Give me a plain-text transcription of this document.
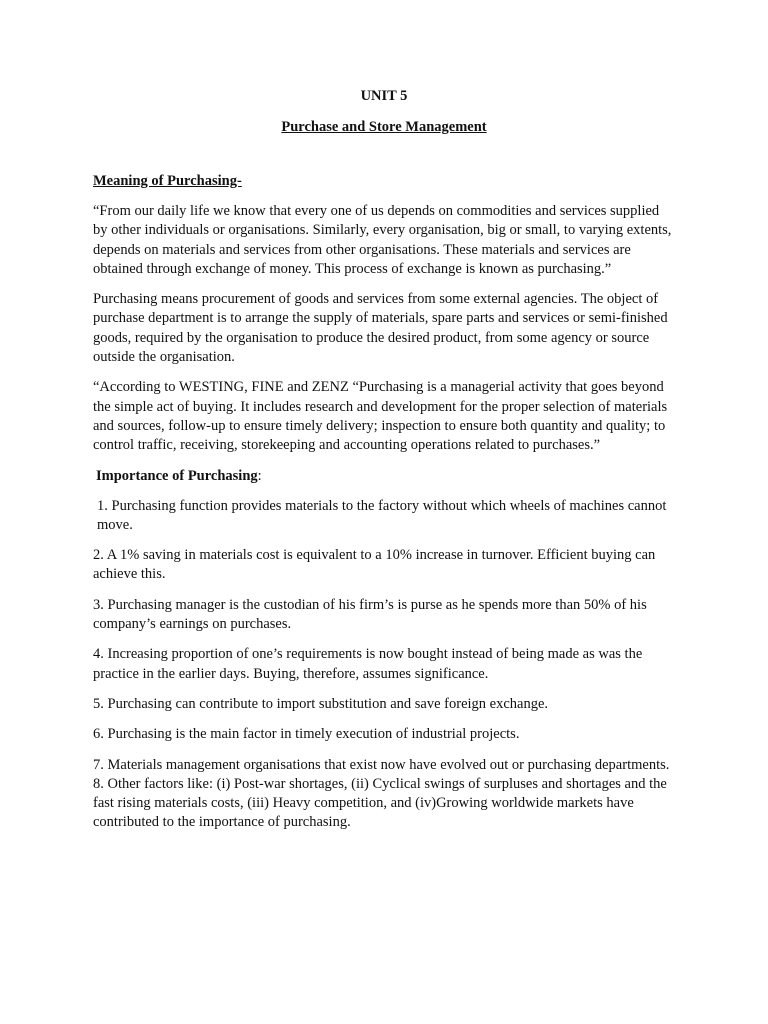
UNIT 5
Purchase and Store Management
Meaning of Purchasing-

“From our daily life we know that every one of us depends on commodities and services supplied by other individuals or organisations. Similarly, every organisation, big or small, to varying extents, depends on materials and services from other organisations. These materials and services are obtained through exchange of money. This process of exchange is known as purchasing.”

Purchasing means procurement of goods and services from some external agencies. The object of purchase department is to arrange the supply of materials, spare parts and services or semi-finished goods, required by the organisation to produce the desired product, from some agency or source outside the organisation.

“According to WESTING, FINE and ZENZ “Purchasing is a managerial activity that goes beyond the simple act of buying. It includes research and development for the proper selection of materials and sources, follow-up to ensure timely delivery; inspection to ensure both quantity and quality; to control traffic, receiving, storekeeping and accounting operations related to purchases.”

Importance of Purchasing:

1. Purchasing function provides materials to the factory without which wheels of machines cannot move.

2. A 1% saving in materials cost is equivalent to a 10% increase in turnover. Efficient buying can achieve this.

3. Purchasing manager is the custodian of his firm’s is purse as he spends more than 50% of his company’s earnings on purchases.

4. Increasing proportion of one’s requirements is now bought instead of being made as was the practice in the earlier days. Buying, therefore, assumes significance.

5. Purchasing can contribute to import substitution and save foreign exchange.

6. Purchasing is the main factor in timely execution of industrial projects.

7. Materials management organisations that exist now have evolved out or purchasing departments. 8. Other factors like: (i) Post-war shortages, (ii) Cyclical swings of surpluses and shortages and the fast rising materials costs, (iii) Heavy competition, and (iv)Growing worldwide markets have contributed to the importance of purchasing.
